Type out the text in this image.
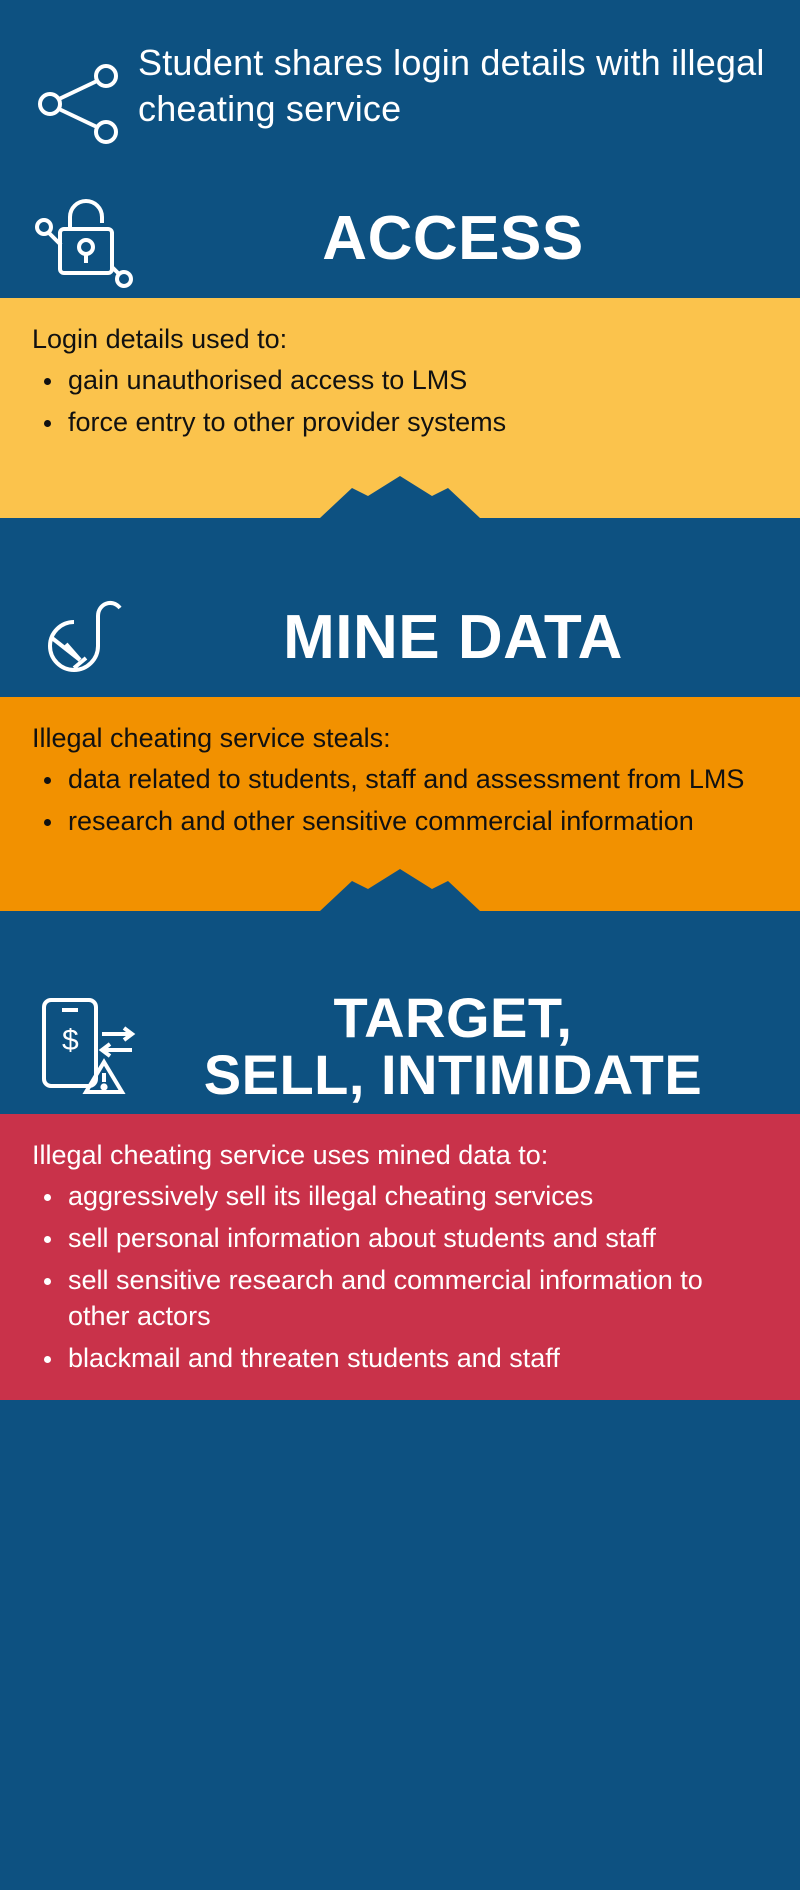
Student shares login details with illegal cheating service
ACCESS
Login details used to:
gain unauthorised access to LMS
force entry to other provider systems
MINE DATA
Illegal cheating service steals:
data related to students, staff and assessment from LMS
research and other sensitive commercial information
$	TARGET,
SELL, INTIMIDATE
Illegal cheating service uses mined data to:
aggressively sell its illegal cheating services
sell personal information about students and staff
sell sensitive research and commercial information to other actors
blackmail and threaten students and staff
